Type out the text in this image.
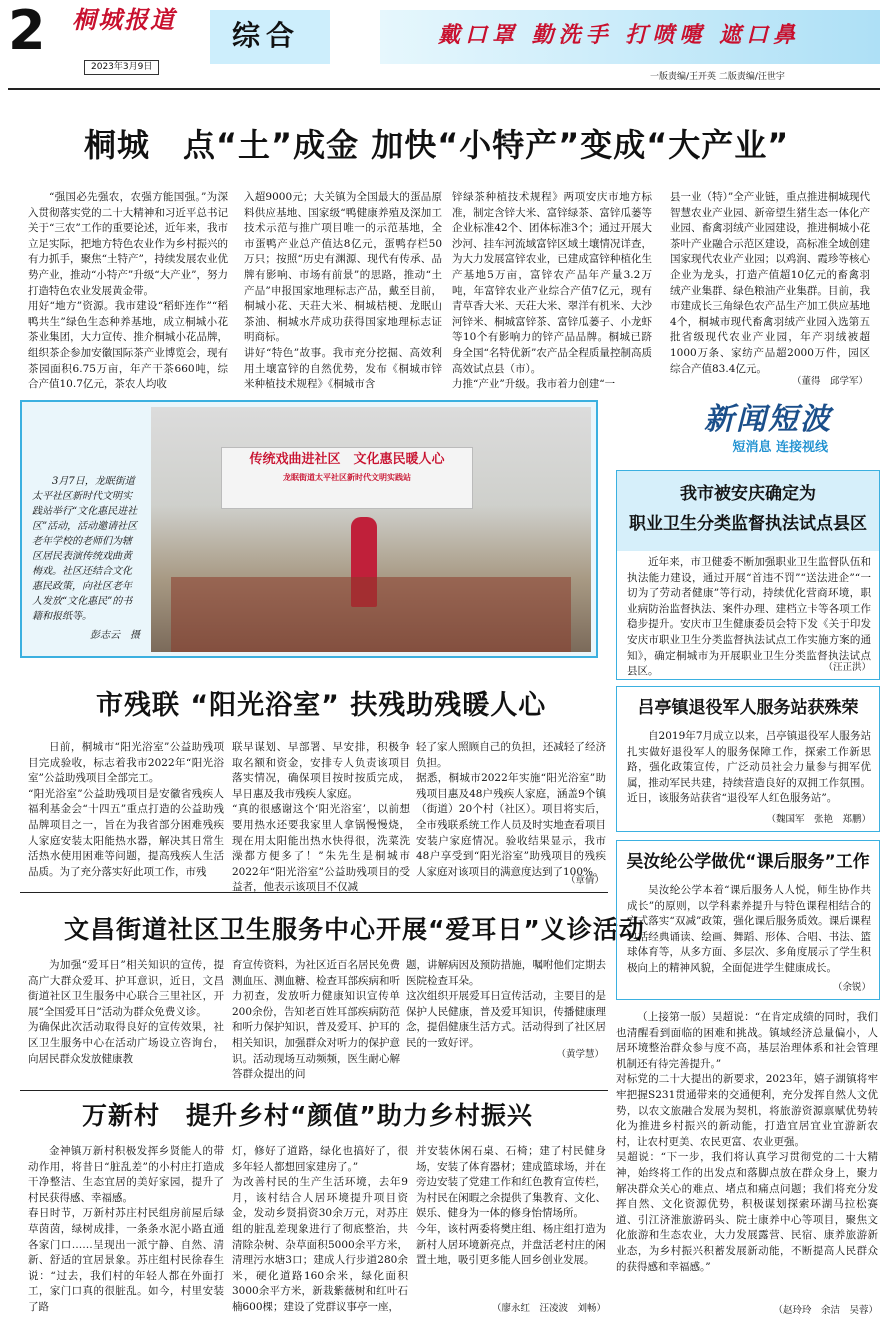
2 桐城报道
2023年3月9日
综合	戴口罩 勤洗手 打喷嚏 遮口鼻
一版责编/王开英 二版责编/汪世宇
桐城　点“土”成金 加快“小特产”变成“大产业”

“强国必先强农，农强方能国强。”为深入贯彻落实党的二十大精神和习近平总书记关于“三农”工作的重要论述，近年来，我市立足实际，把地方特色农业作为乡村振兴的有力抓手，聚焦“土特产”，持续发展农业优势产业，推动“小特产”升级“大产业”，努力打造特色农业发展黄金带。
用好“地方”资源。我市建设“稻虾连作”“稻鸭共生”绿色生态种养基地，成立桐城小花茶业集团，大力宣传、推介桐城小花品牌，组织茶企参加安徽国际茶产业博览会，现有茶园面积6.75万亩，年产干茶660吨，综合产值10.7亿元，茶农人均收

入超9000元；大关镇为全国最大的蛋品原料供应基地、国家级“鸭健康养殖及深加工技术示范与推广项目唯一的示范基地，全市蛋鸭产业总产值达8亿元，蛋鸭存栏50万只；按照“历史有渊源、现代有传承、品牌有影响、市场有前景”的思路，推动“土产品”申报国家地理标志产品，戴至目前，桐城小花、天荘大米、桐城桔梗、龙眠山茶油、桐城水芹成功获得国家地理标志证明商标。
讲好“特色”故事。我市充分挖掘、高效利用土壤富锌的自然优势，发布《桐城市锌米种植技术规程》《桐城市含

锌绿茶种植技术规程》两项安庆市地方标准，制定含锌大米、富锌绿茶、富锌瓜蒌等企业标准42个、团体标准3个；通过开展大沙河、挂车河流域富锌区域土壤情况详查，为大力发展富锌农业，已建成富锌种植化生产基地5万亩，富锌农产品年产量3.2万吨，年富锌农业产业综合产值7亿元，现有青草香大米、天荘大米、翠洋有机米、大沙河锌米、桐城富锌茶、富锌瓜蒌子、小龙虾等10个有影响力的锌产品品牌。桐城已跻身全国“名特优新”农产品全程质量控制高质高效试点县（市）。
力推“产业”升级。我市着力创建“一

县一业（特）”全产业链，重点推进桐城现代智慧农业产业园、新帝望生猪生态一体化产业园、畜禽羽绒产业园建设，推进桐城小花茶叶产业融合示范区建设，高标准全域创建国家现代农业产业园；以鸡润、霞珍等核心企业为龙头，打造产值超10亿元的畜禽羽绒产业集群、绿色粮油产业集群。目前，我市建成长三角绿色农产品生产加工供应基地4个，桐城市现代畜禽羽绒产业园入选第五批省级现代农业产业园，年产羽绒被超1000万条、家纺产品超2000万件，园区综合产值83.4亿元。

（董得　邱学军）
传统戏曲进社区　文化惠民暖人心
龙眠街道太平社区新时代文明实践站
3月7日，龙眠街道太平社区新时代文明实践站举行“文化惠民进社区”活动，活动邀请社区老年学校的老师们为辖区居民表演传统戏曲黄梅戏。社区还结合文化惠民政策，向社区老年人发放“文化惠民”的书籍和报纸等。
彭志云　摄
市残联 “阳光浴室” 扶残助残暖人心

日前，桐城市“阳光浴室”公益助残项目完成验收，标志着我市2022年“阳光浴室”公益助残项目全部完工。
“阳光浴室”公益助残项目是安徽省残疾人福利基金会“十四五”重点打造的公益助残品牌项目之一，旨在为我省部分困难残疾人家庭安装太阳能热水器，解决其日常生活热水使用困难等问题，提高残疾人生活品质。为了充分落实好此项工作，市残

联早谋划、早部署、早安排，积极争取名额和资金，安排专人负责该项目落实情况，确保项目按时按质完成，早日惠及我市残疾人家庭。
“真的很感谢这个‘阳光浴室’，以前想要用热水还要我家里人拿锅慢慢烧，现在用太阳能出热水快得很，洗菜洗澡都方便多了！”朱先生是桐城市2022年“阳光浴室”公益助残项目的受益者，他表示该项目不仅减

轻了家人照顾自己的负担，还减轻了经济负担。
据悉，桐城市2022年实施“阳光浴室”助残项目惠及48户残疾人家庭，涵盖9个镇（街道）20个村（社区）。项目将实后，全市残联系统工作人员及时实地查看项目安装户家庭情况。验收结果显示，我市48户享受到“阳光浴室”助残项目的残疾人家庭对该项目的满意度达到了100%。

（章倩）
文昌街道社区卫生服务中心开展“爱耳日”义诊活动

为加强“爱耳日”相关知识的宣传，提高广大群众爱耳、护耳意识，近日，文昌街道社区卫生服务中心联合三里社区，开展“全国爱耳日”活动为群众免费义诊。
为确保此次活动取得良好的宣传效果，社区卫生服务中心在活动广场设立咨询台，向居民群众发放健康教

育宣传资料，为社区近百名居民免费测血压、测血糖、检查耳部疾病和听力初查，发放听力健康知识宣传单200余份，告知老百姓耳部疾病防范和听力保护知识，普及爱耳、护耳的相关知识，加强群众对听力的保护意识。活动现场互动频频，医生耐心解答群众提出的问

题，讲解病因及预防措施，嘱咐他们定期去医院检查耳朵。
这次组织开展爱耳日宣传活动，主要目的是保护人民健康，普及爱耳知识，传播健康理念，提倡健康生活方式。活动得到了社区居民的一致好评。

（黄学慧）
万新村　提升乡村“颜值”助力乡村振兴

金神镇万新村积极发挥乡贤能人的带动作用，将昔日“脏乱差”的小村庄打造成干净整洁、生态宜居的美好家园，提升了村民获得感、幸福感。
春日时节，万新村苏庄村民组房前屋后绿草茵茵，绿树成排，一条条水泥小路直通各家门口……呈现出一派宁静、自然、清新、舒适的宜居景象。苏庄组村民徐春生说：“过去，我们村的年轻人都在外面打工，家门口真的很脏乱。如今，村里安装了路

灯，修好了道路，绿化也搞好了，很多年轻人都想回家建房了。”
为改善村民的生产生活环境，去年9月，该村结合人居环境提升项目资金，发动乡贤捐资30余万元，对苏庄组的脏乱差现象进行了彻底整治，共清除杂树、杂草面积5000余平方米，清理污水塘3口；建成人行步道280余米，硬化道路160余米，绿化面积3000余平方米，新栽紫薇树和红叶石楠600棵；建设了党群议事亭一座，

并安装休闲石桌、石椅；建了村民健身场，安装了体育器材；建成篮球场，并在旁边安装了党建工作和红色教育宣传栏，为村民在闲暇之余提供了集教育、文化、娱乐、健身为一体的修身怡情场所。
今年，该村两委将樊庄组、杨庄组打造为新村人居环境新亮点，并盘活老村庄的闲置土地，吸引更多能人回乡创业发展。

（廖永红　汪凌波　刘畅）
新闻短波
短消息 连接视线
我市被安庆确定为
职业卫生分类监督执法试点县区

近年来，市卫健委不断加强职业卫生监督队伍和执法能力建设，通过开展“首违不罚”“送法进企”“一切为了劳动者健康”等行动，持续优化营商环境，职业病防治监督执法、案件办理、建档立卡等各项工作稳步提升。安庆市卫生健康委员会特下发《关于印发安庆市职业卫生分类监督执法试点工作实施方案的通知》，确定桐城市为开展职业卫生分类监督执法试点县区。	（汪正洪）
吕亭镇退役军人服务站获殊荣

自2019年7月成立以来，吕亭镇退役军人服务站扎实做好退役军人的服务保障工作，探索工作新思路，强化政策宣传，广泛动员社会力量参与拥军优属，推动军民共建，持续营造良好的双拥工作氛围。近日，该服务站获省“退役军人红色服务站”。

（魏国军　张艳　郑鹏）
吴汝纶公学做优“课后服务”工作

吴汝纶公学本着“课后服务人人悦，师生协作共成长”的原则，以学科素养提升与特色课程相结合的方式落实“双减”政策，强化课后服务质效。课后课程包括经典诵读、绘画、舞蹈、形体、合唱、书法、篮球体育等，从多方面、多层次、多角度展示了学生积极向上的精神风貌，全面促进学生健康成长。

（余锐）

（上接第一版）吴超说：“在肯定成绩的同时，我们也清醒看到面临的困难和挑战。镇域经济总量偏小，人居环境整治群众参与度不高，基层治理体系和社会管理机制还有待完善提升。”
对标党的二十大提出的新要求，2023年，嬉子湖镇将牢牢把握S231贯通带来的交通便利，充分发挥自然人文优势，以农文旅融合发展为契机，将旅游资源禀赋优势转化为推进乡村振兴的新动能，打造宜居宜业宜游新农村，让农村更美、农民更富、农业更强。
吴超说：“下一步，我们将认真学习贯彻党的二十大精神，始终将工作的出发点和落脚点放在群众身上，聚力解决群众关心的难点、堵点和痛点问题；我们将充分发挥自然、文化资源优势，积极谋划探索环湖马拉松赛道、引江济淮旅游码头、院士康养中心等项目，聚焦文化旅游和生态农业，大力发展露营、民宿、康养旅游新业态，为乡村振兴积蓄发展新动能，不断提高人民群众的获得感和幸福感。”

（赵玲玲　余洁　吴蓉）
